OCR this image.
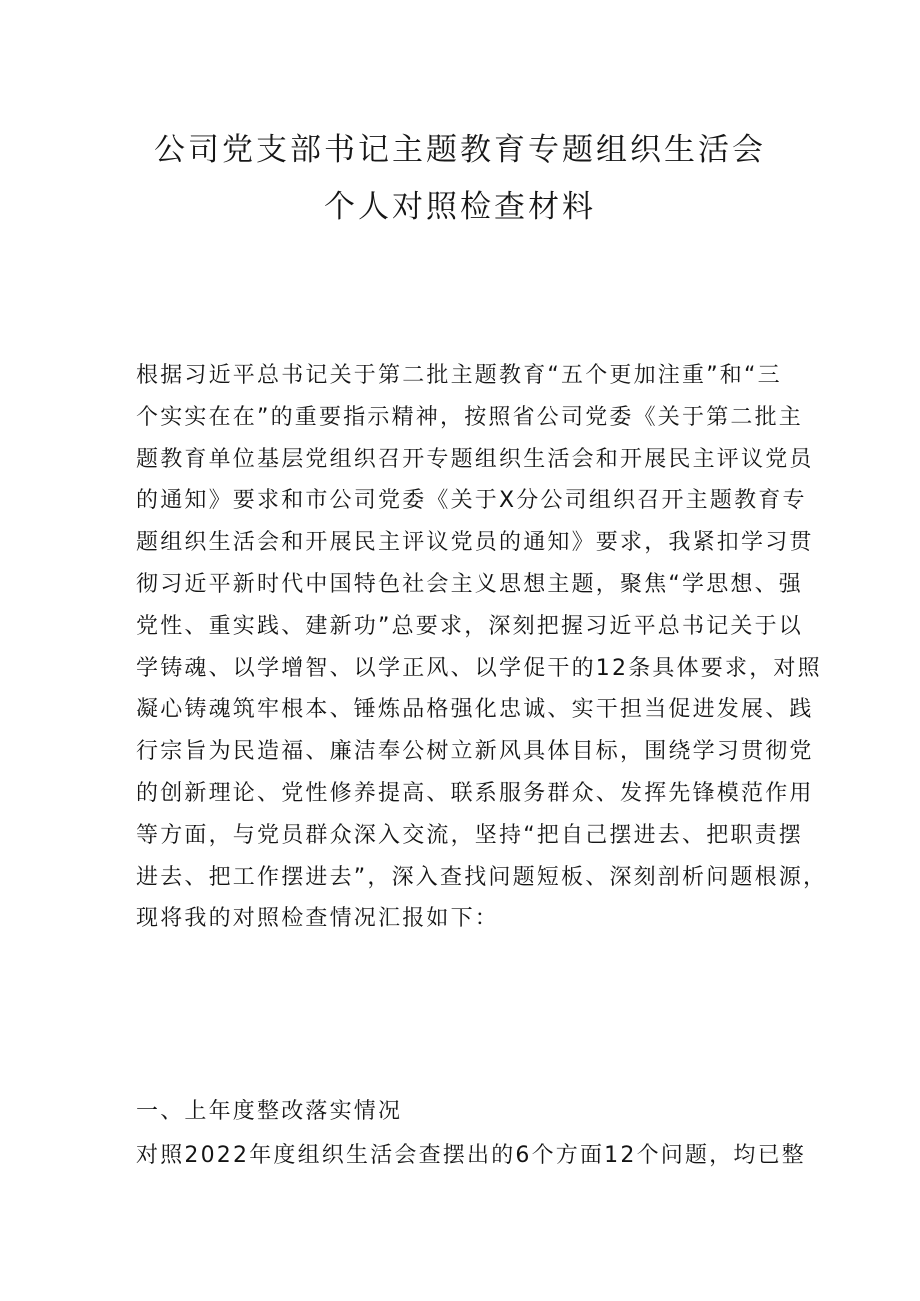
公司党支部书记主题教育专题组织生活会
个人对照检查材料
根据习近平总书记关于第二批主题教育“五个更加注重”和“三
个实实在在”的重要指示精神，按照省公司党委《关于第二批主
题教育单位基层党组织召开专题组织生活会和开展民主评议党员
的通知》要求和市公司党委《关于X分公司组织召开主题教育专
题组织生活会和开展民主评议党员的通知》要求，我紧扣学习贯
彻习近平新时代中国特色社会主义思想主题，聚焦“学思想、强
党性、重实践、建新功”总要求，深刻把握习近平总书记关于以
学铸魂、以学增智、以学正风、以学促干的12条具体要求，对照
凝心铸魂筑牢根本、锤炼品格强化忠诚、实干担当促进发展、践
行宗旨为民造福、廉洁奉公树立新风具体目标，围绕学习贯彻党
的创新理论、党性修养提高、联系服务群众、发挥先锋模范作用
等方面，与党员群众深入交流，坚持“把自己摆进去、把职责摆
进去、把工作摆进去”，深入查找问题短板、深刻剖析问题根源，
现将我的对照检查情况汇报如下：
一、上年度整改落实情况
对照2022年度组织生活会查摆出的6个方面12个问题，均已整
